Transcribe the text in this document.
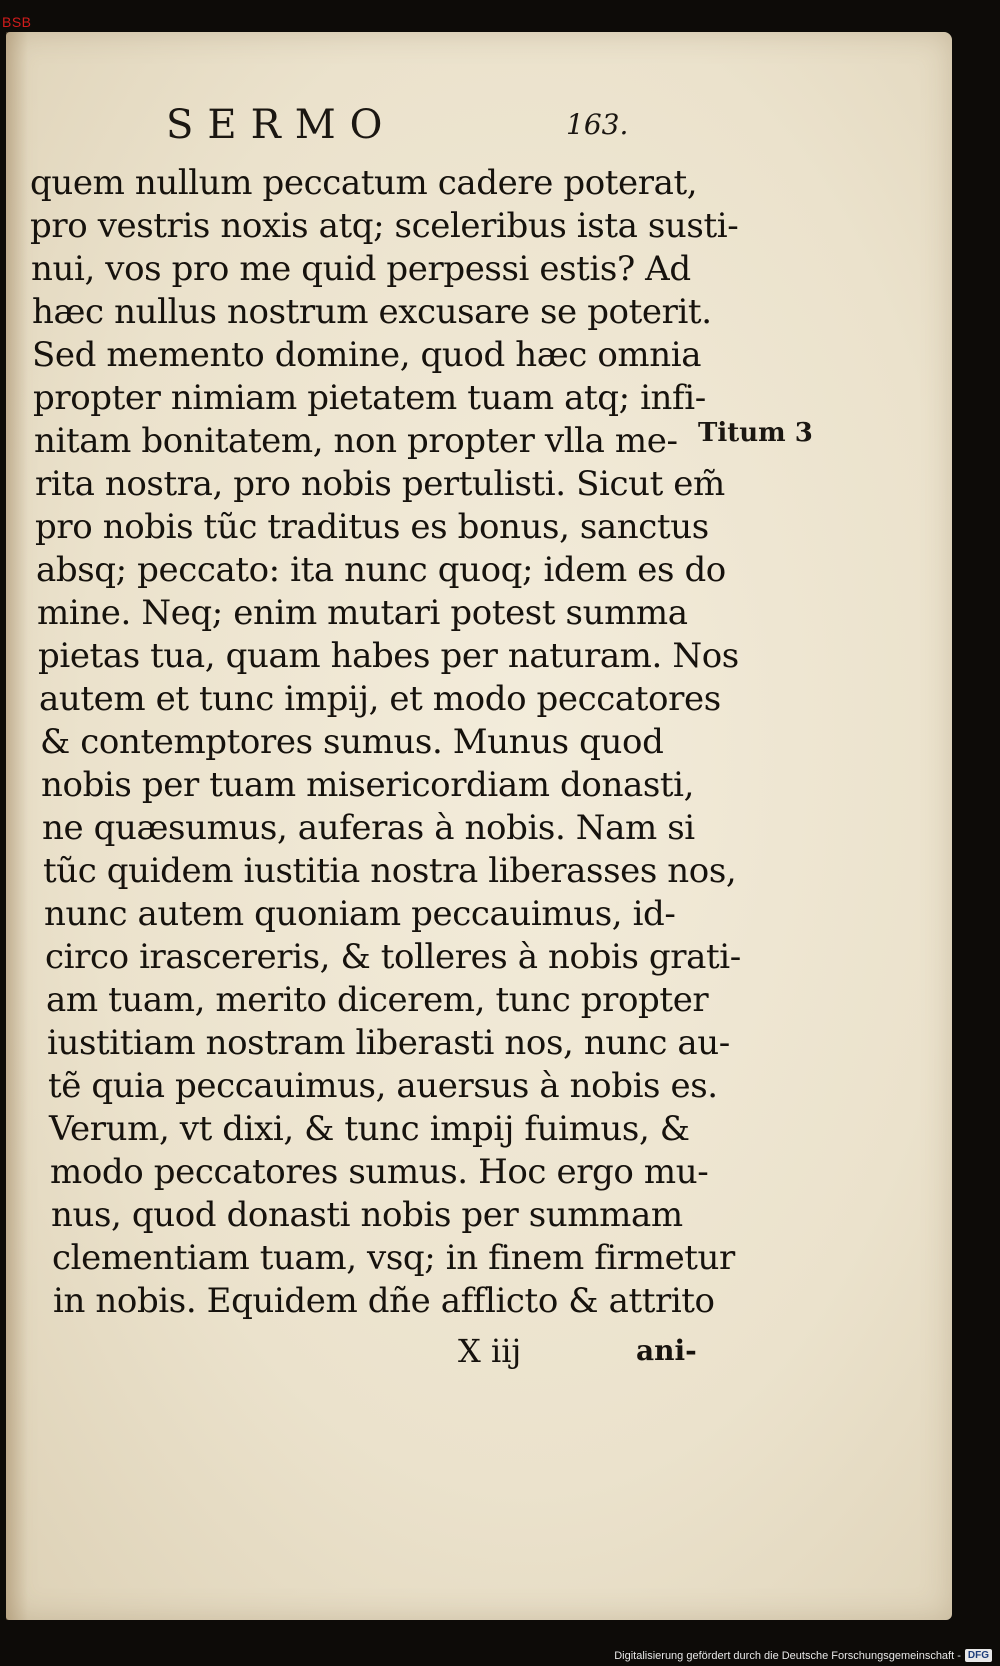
BSB
SERMO	163.
quem nullum peccatum cadere poterat,
pro vestris noxis atq; sceleribus ista susti-
nui, vos pro me quid perpessi estis? Ad
hæc nullus nostrum excusare se poterit.
Sed memento domine, quod hæc omnia
propter nimiam pietatem tuam atq; infi-
nitam bonitatem, non propter vlla me-
rita nostra, pro nobis pertulisti. Sicut em̃
pro nobis tũc traditus es bonus, sanctus
absq; peccato: ita nunc quoq; idem es do
mine. Neq; enim mutari potest summa
pietas tua, quam habes per naturam. Nos
autem et tunc impij, et modo peccatores
& contemptores sumus. Munus quod
nobis per tuam misericordiam donasti,
ne quæsumus, auferas à nobis. Nam si
tũc quidem iustitia nostra liberasses nos,
nunc autem quoniam peccauimus, id-
circo irascereris, & tolleres à nobis grati-
am tuam, merito dicerem, tunc propter
iustitiam nostram liberasti nos, nunc au-
tẽ quia peccauimus, auersus à nobis es.
Verum, vt dixi, & tunc impij fuimus, &
modo peccatores sumus. Hoc ergo mu-
nus, quod donasti nobis per summam
clementiam tuam, vsq; in finem firmetur
in nobis. Equidem dñe afflicto & attrito
Titum 3
X iij	ani-
Digitalisierung gefördert durch die Deutsche Forschungsgemeinschaft - DFG
